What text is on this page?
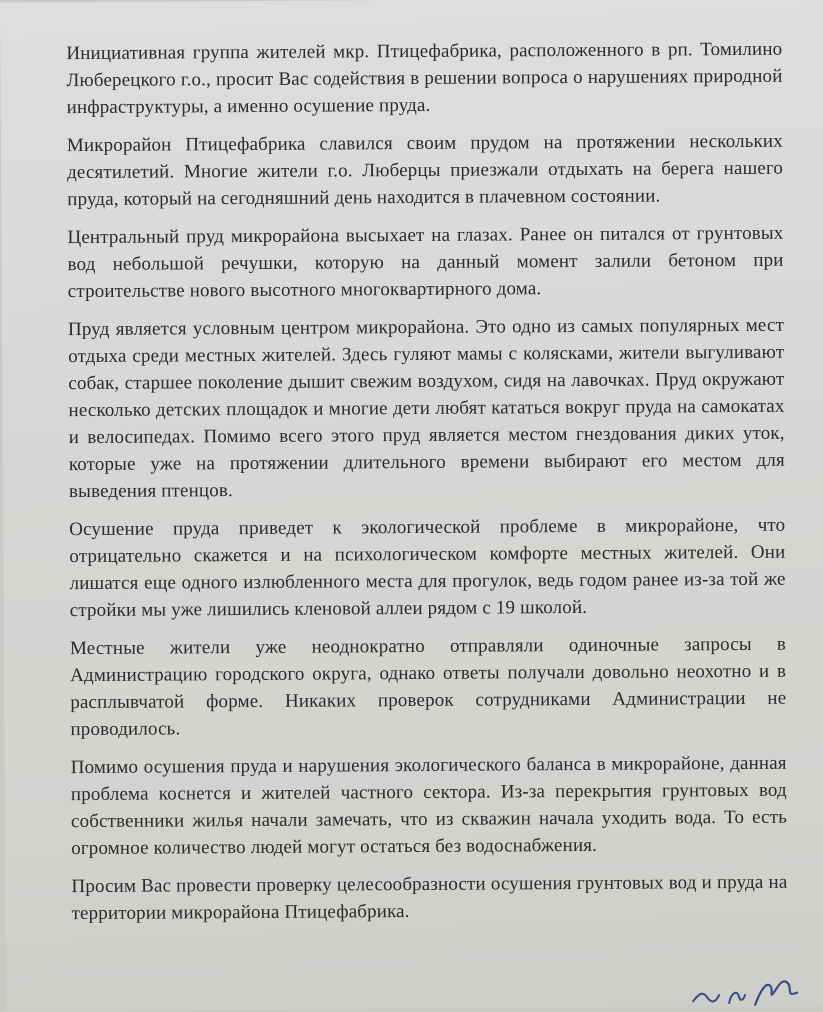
Инициативная группа жителей мкр. Птицефабрика, расположенного в рп. Томилино Люберецкого г.о., просит Вас содействия в решении вопроса о нарушениях природной инфраструктуры, а именно осушение пруда.

Микрорайон Птицефабрика славился своим прудом на протяжении нескольких десятилетий. Многие жители г.о. Люберцы приезжали отдыхать на берега нашего пруда, который на сегодняшний день находится в плачевном состоянии.

Центральный пруд микрорайона высыхает на глазах. Ранее он питался от грунтовых вод небольшой речушки, которую на данный момент залили бетоном при строительстве нового высотного многоквартирного дома.

Пруд является условным центром микрорайона. Это одно из самых популярных мест отдыха среди местных жителей. Здесь гуляют мамы с колясками, жители выгуливают собак, старшее поколение дышит свежим воздухом, сидя на лавочках. Пруд окружают несколько детских площадок и многие дети любят кататься вокруг пруда на самокатах и велосипедах. Помимо всего этого пруд является местом гнездования диких уток, которые уже на протяжении длительного времени выбирают его местом для выведения птенцов.

Осушение пруда приведет к экологической проблеме в микрорайоне, что отрицательно скажется и на психологическом комфорте местных жителей. Они лишатся еще одного излюбленного места для прогулок, ведь годом ранее из-за той же стройки мы уже лишились кленовой аллеи рядом с 19 школой.

Местные жители уже неоднократно отправляли одиночные запросы в Администрацию городского округа, однако ответы получали довольно неохотно и в расплывчатой форме. Никаких проверок сотрудниками Администрации не проводилось.

Помимо осушения пруда и нарушения экологического баланса в микрорайоне, данная проблема коснется и жителей частного сектора. Из-за перекрытия грунтовых вод собственники жилья начали замечать, что из скважин начала уходить вода. То есть огромное количество людей могут остаться без водоснабжения.

Просим Вас провести проверку целесообразности осушения грунтовых вод и пруда на территории микрорайона Птицефабрика.
